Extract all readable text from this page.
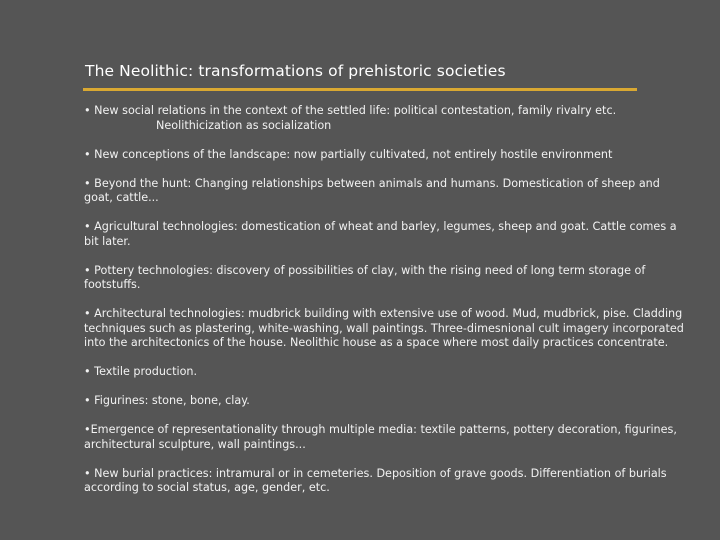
The Neolithic: transformations of prehistoric societies

• New social relations in the context of the settled life: political contestation, family rivalry etc.
Neolithicization as socialization

• New conceptions of the landscape: now partially cultivated, not entirely hostile environment

• Beyond the hunt: Changing relationships between animals and humans. Domestication of sheep and goat, cattle...

• Agricultural technologies: domestication of wheat and barley, legumes, sheep and goat. Cattle comes a bit later.

• Pottery technologies: discovery of possibilities of clay, with the rising need of long term storage of footstuffs.

• Architectural technologies: mudbrick building with extensive use of wood. Mud, mudbrick, pise. Cladding techniques such as plastering, white-washing, wall paintings. Three-dimesnional cult imagery incorporated into the architectonics of the house. Neolithic house as a space where most daily practices concentrate.

• Textile production.

• Figurines: stone, bone, clay.

•Emergence of representationality through multiple media: textile patterns, pottery decoration, figurines, architectural sculpture, wall paintings...

• New burial practices: intramural or in cemeteries. Deposition of grave goods. Differentiation of burials according to social status, age, gender, etc.
